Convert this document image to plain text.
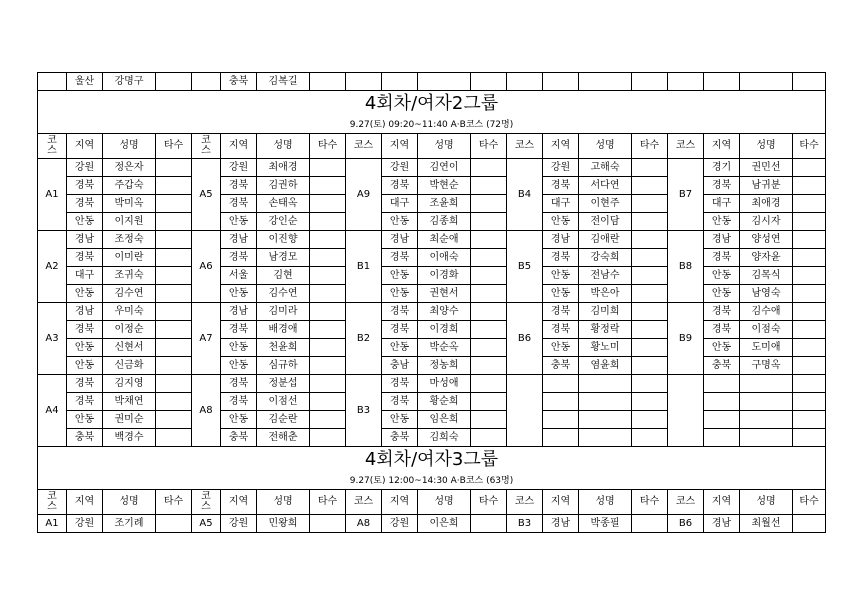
	울산	강명구			충북	김복길													
4회차/여자2그룹																			
9.27(토) 09:20~11:40 A·B코스 (72명)																			
코
스	지역	성명	타수	코
스	지역	성명	타수	코스	지역	성명	타수	코스	지역	성명	타수	코스	지역	성명	타수
A1	강원	정은자		A5	강원	최애경		A9	강원	김연이		B4	강원	고해숙		B7	경기	권민선	
	경북	주갑숙			경북	김권하			경북	박현순			경북	서다연			경북	남귀분	
	경북	박미옥			경북	손태옥			대구	조윤희			대구	이현주			대구	최애경	
	안동	이지원			안동	강인순			안동	김종희			안동	전이담			안동	김시자	
A2	경남	조정숙		A6	경남	이진향		B1	경남	최순애		B5	경남	김애란		B8	경남	양성연	
	경북	이미란			경북	남경모			경북	이애숙			경북	강숙희			경북	양자윤	
	대구	조귀숙			서울	김현			안동	이경화			안동	전남수			안동	김목식	
	안동	김수연			안동	김수연			안동	권현서			안동	박은아			안동	남영숙	
A3	경남	우미숙		A7	경남	김미라		B2	경북	최양수		B6	경북	김미희		B9	경북	김수애	
	경북	이정순			경북	배경애			경북	이경희			경북	황정락			경북	이점숙	
	안동	신현서			안동	천윤희			안동	박순옥			안동	황노미			안동	도미애	
	안동	신금화			안동	심규하			충남	정농희			충북	염윤희			충북	구명옥	
A4	경북	김지영		A8	경북	정분섭		B3	경북	마성애									
	경북	박채연			경북	이점선			경북	황순희									
	안동	권미순			안동	김순란			안동	임은희									
	충북	백경수			충북	전해춘			충북	김희숙									
4회차/여자3그룹																			
9.27(토) 12:00~14:30 A·B코스 (63명)																			
코
스	지역	성명	타수	코
스	지역	성명	타수	코스	지역	성명	타수	코스	지역	성명	타수	코스	지역	성명	타수
A1	강원	조기례		A5	강원	민왕희		A8	강원	이은희		B3	경남	박종필		B6	경남	최월선	
